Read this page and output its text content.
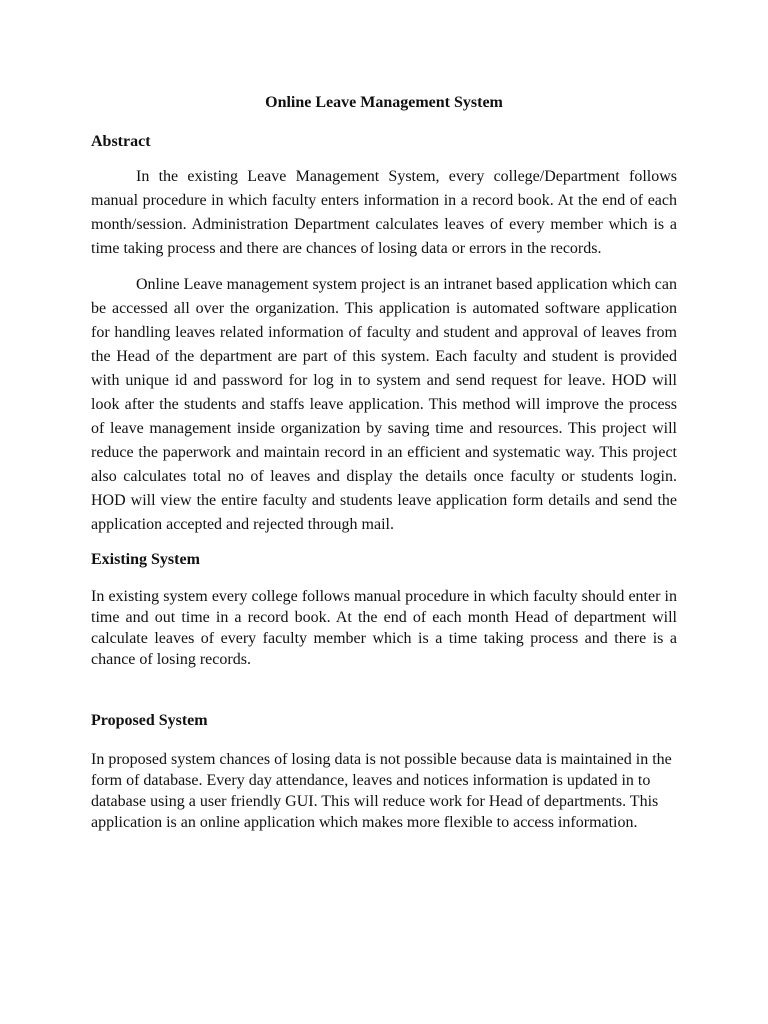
Online Leave Management System
Abstract

In the existing Leave Management System, every college/Department follows manual procedure in which faculty enters information in a record book. At the end of each month/session. Administration Department calculates leaves of every member which is a time taking process and there are chances of losing data or errors in the records.

Online Leave management system project is an intranet based application which can be accessed all over the organization. This application is automated software application for handling leaves related information of faculty and student and approval of leaves from the Head of the department are part of this system. Each faculty and student is provided with unique id and password for log in to system and send request for leave. HOD will look after the students and staffs leave application. This method will improve the process of leave management inside organization by saving time and resources. This project will reduce the paperwork and maintain record in an efficient and systematic way. This project also calculates total no of leaves and display the details once faculty or students login. HOD will view the entire faculty and students leave application form details and send the application accepted and rejected through mail.

Existing System

In existing system every college follows manual procedure in which faculty should enter in time and out time in a record book. At the end of each month Head of department will calculate leaves of every faculty member which is a time taking process and there is a chance of losing records.

Proposed System

In proposed system chances of losing data is not possible because data is maintained in the form of database. Every day attendance, leaves and notices information is updated in to database using a user friendly GUI. This will reduce work for Head of departments. This application is an online application which makes more flexible to access information.
